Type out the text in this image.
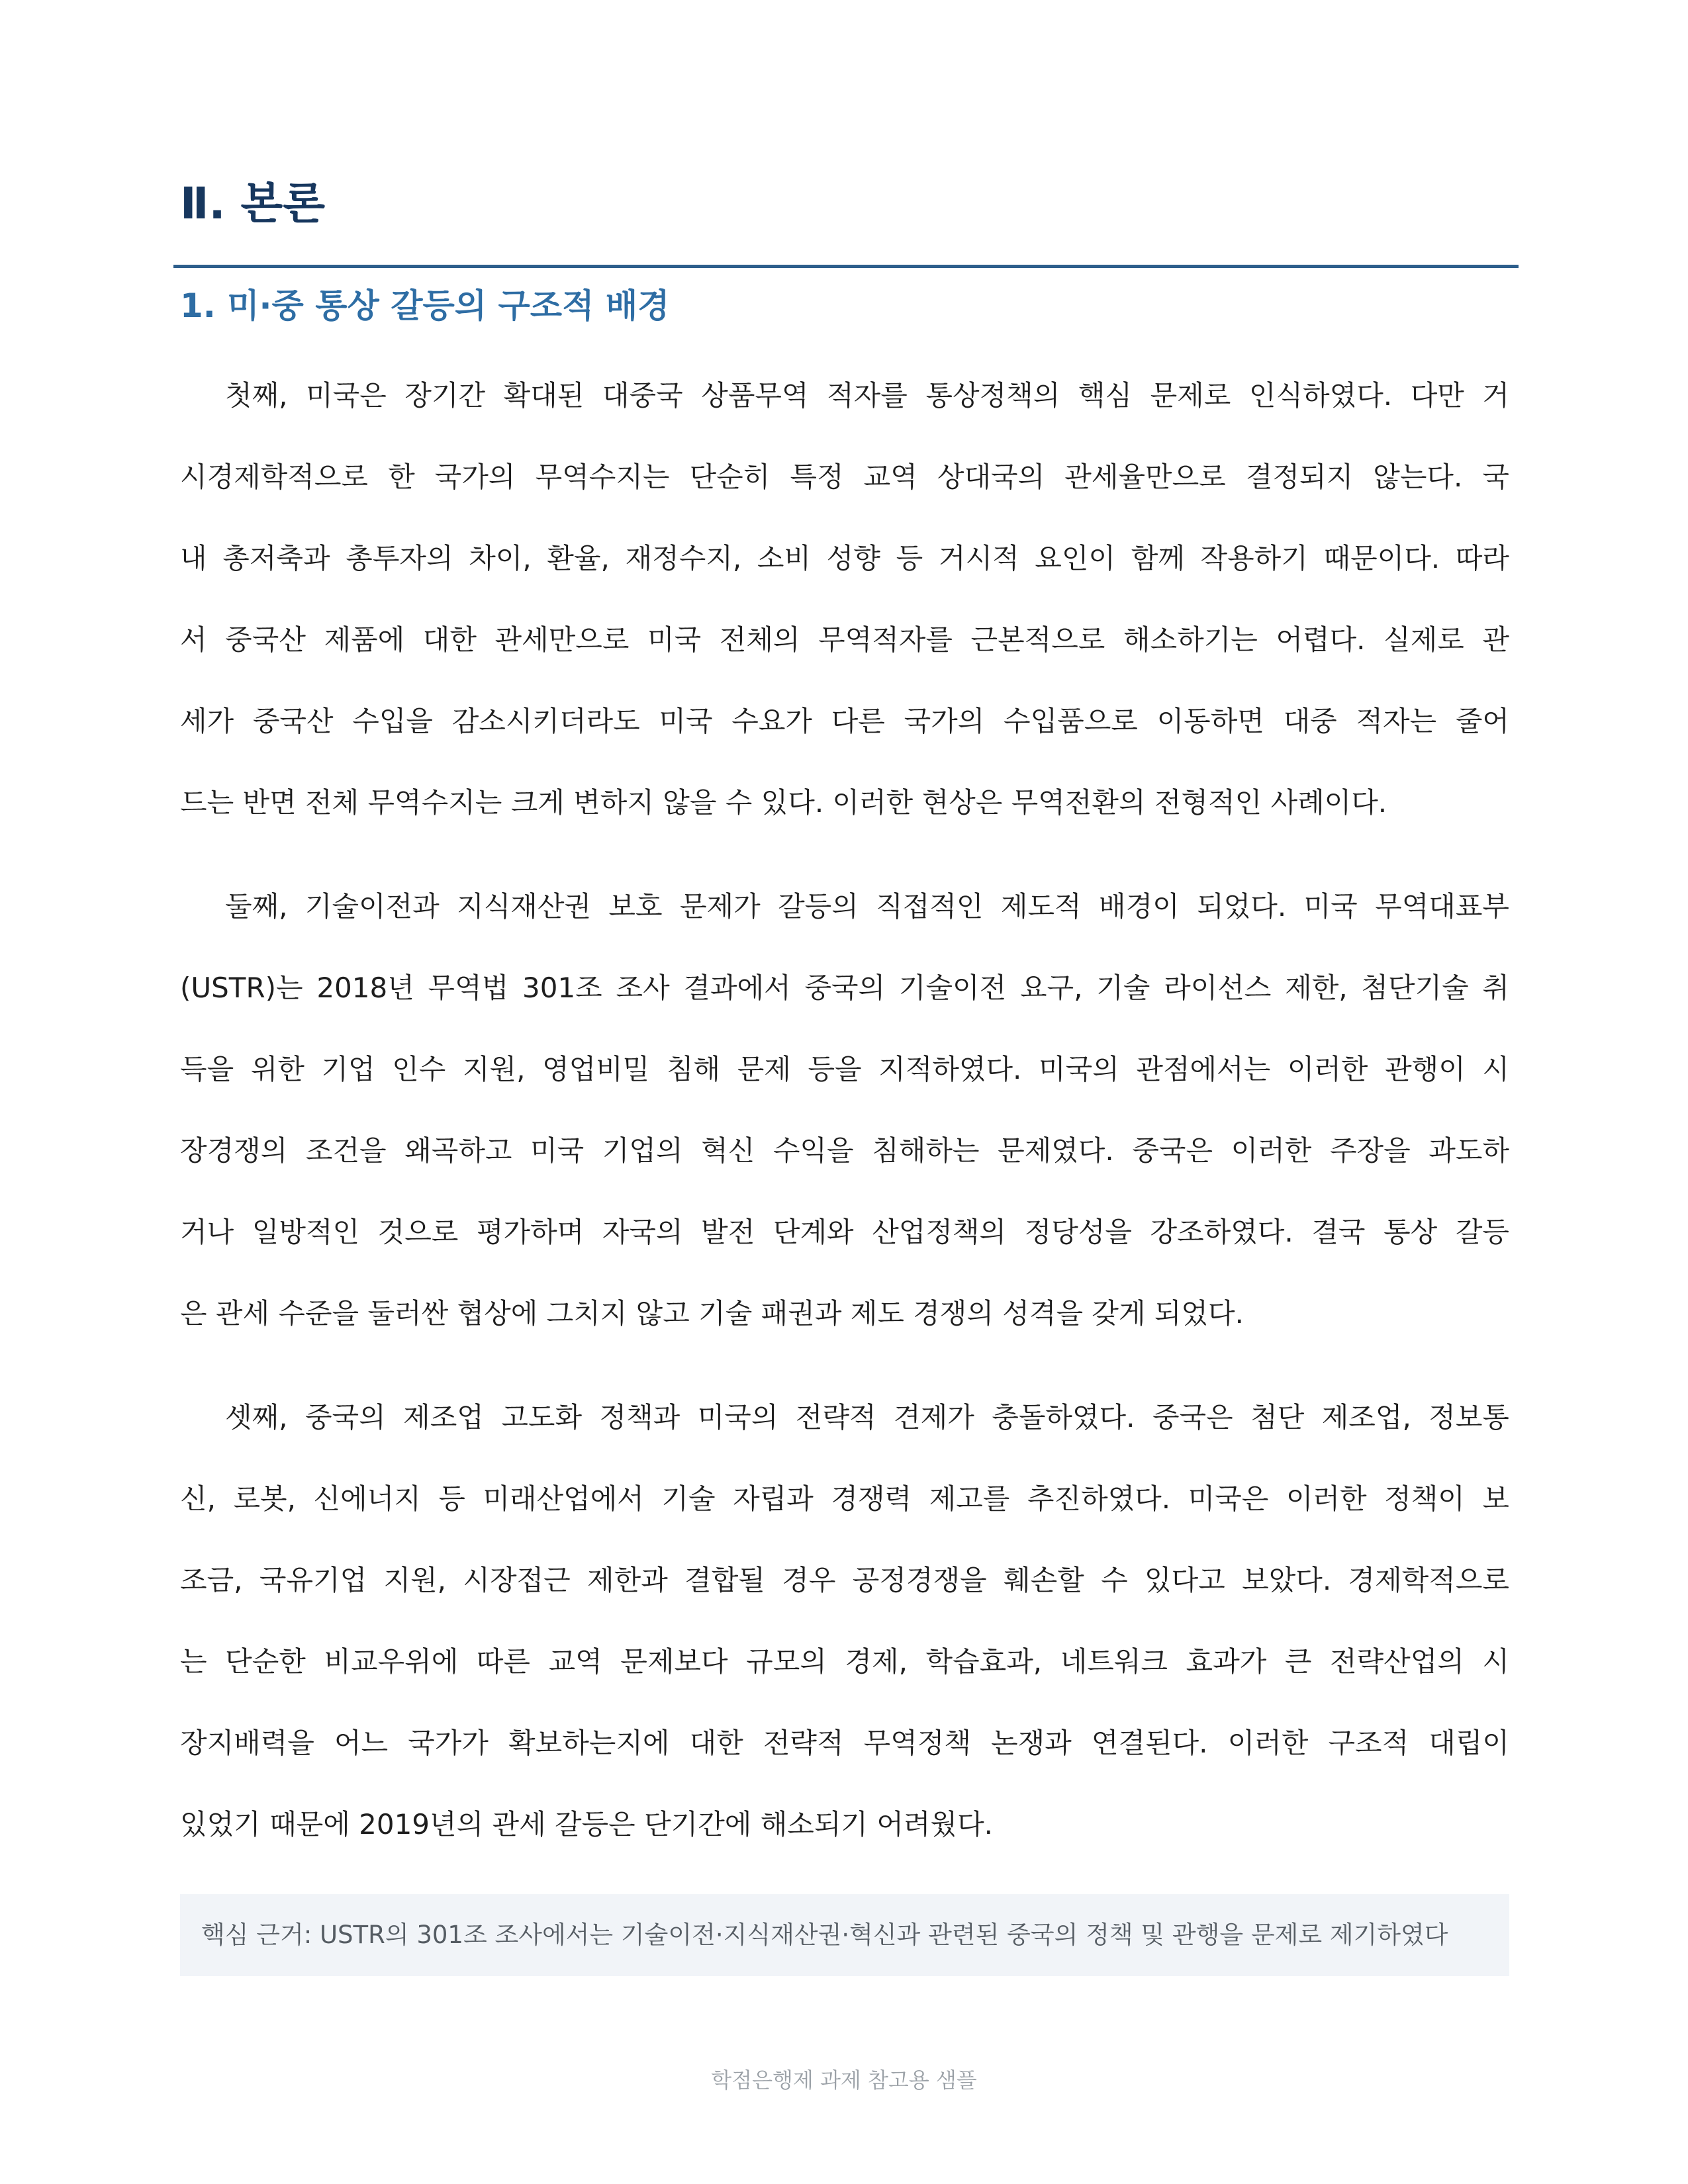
Ⅱ. 본론
1. 미·중 통상 갈등의 구조적 배경

첫째, 미국은 장기간 확대된 대중국 상품무역 적자를 통상정책의 핵심 문제로 인식하였다. 다만 거
시경제학적으로 한 국가의 무역수지는 단순히 특정 교역 상대국의 관세율만으로 결정되지 않는다. 국
내 총저축과 총투자의 차이, 환율, 재정수지, 소비 성향 등 거시적 요인이 함께 작용하기 때문이다. 따라
서 중국산 제품에 대한 관세만으로 미국 전체의 무역적자를 근본적으로 해소하기는 어렵다. 실제로 관
세가 중국산 수입을 감소시키더라도 미국 수요가 다른 국가의 수입품으로 이동하면 대중 적자는 줄어
드는 반면 전체 무역수지는 크게 변하지 않을 수 있다. 이러한 현상은 무역전환의 전형적인 사례이다.

둘째, 기술이전과 지식재산권 보호 문제가 갈등의 직접적인 제도적 배경이 되었다. 미국 무역대표부
(USTR)는 2018년 무역법 301조 조사 결과에서 중국의 기술이전 요구, 기술 라이선스 제한, 첨단기술 취
득을 위한 기업 인수 지원, 영업비밀 침해 문제 등을 지적하였다. 미국의 관점에서는 이러한 관행이 시
장경쟁의 조건을 왜곡하고 미국 기업의 혁신 수익을 침해하는 문제였다. 중국은 이러한 주장을 과도하
거나 일방적인 것으로 평가하며 자국의 발전 단계와 산업정책의 정당성을 강조하였다. 결국 통상 갈등
은 관세 수준을 둘러싼 협상에 그치지 않고 기술 패권과 제도 경쟁의 성격을 갖게 되었다.

셋째, 중국의 제조업 고도화 정책과 미국의 전략적 견제가 충돌하였다. 중국은 첨단 제조업, 정보통
신, 로봇, 신에너지 등 미래산업에서 기술 자립과 경쟁력 제고를 추진하였다. 미국은 이러한 정책이 보
조금, 국유기업 지원, 시장접근 제한과 결합될 경우 공정경쟁을 훼손할 수 있다고 보았다. 경제학적으로
는 단순한 비교우위에 따른 교역 문제보다 규모의 경제, 학습효과, 네트워크 효과가 큰 전략산업의 시
장지배력을 어느 국가가 확보하는지에 대한 전략적 무역정책 논쟁과 연결된다. 이러한 구조적 대립이
있었기 때문에 2019년의 관세 갈등은 단기간에 해소되기 어려웠다.

핵심 근거: USTR의 301조 조사에서는 기술이전·지식재산권·혁신과 관련된 중국의 정책 및 관행을 문제로 제기하였다
학점은행제 과제 참고용 샘플
